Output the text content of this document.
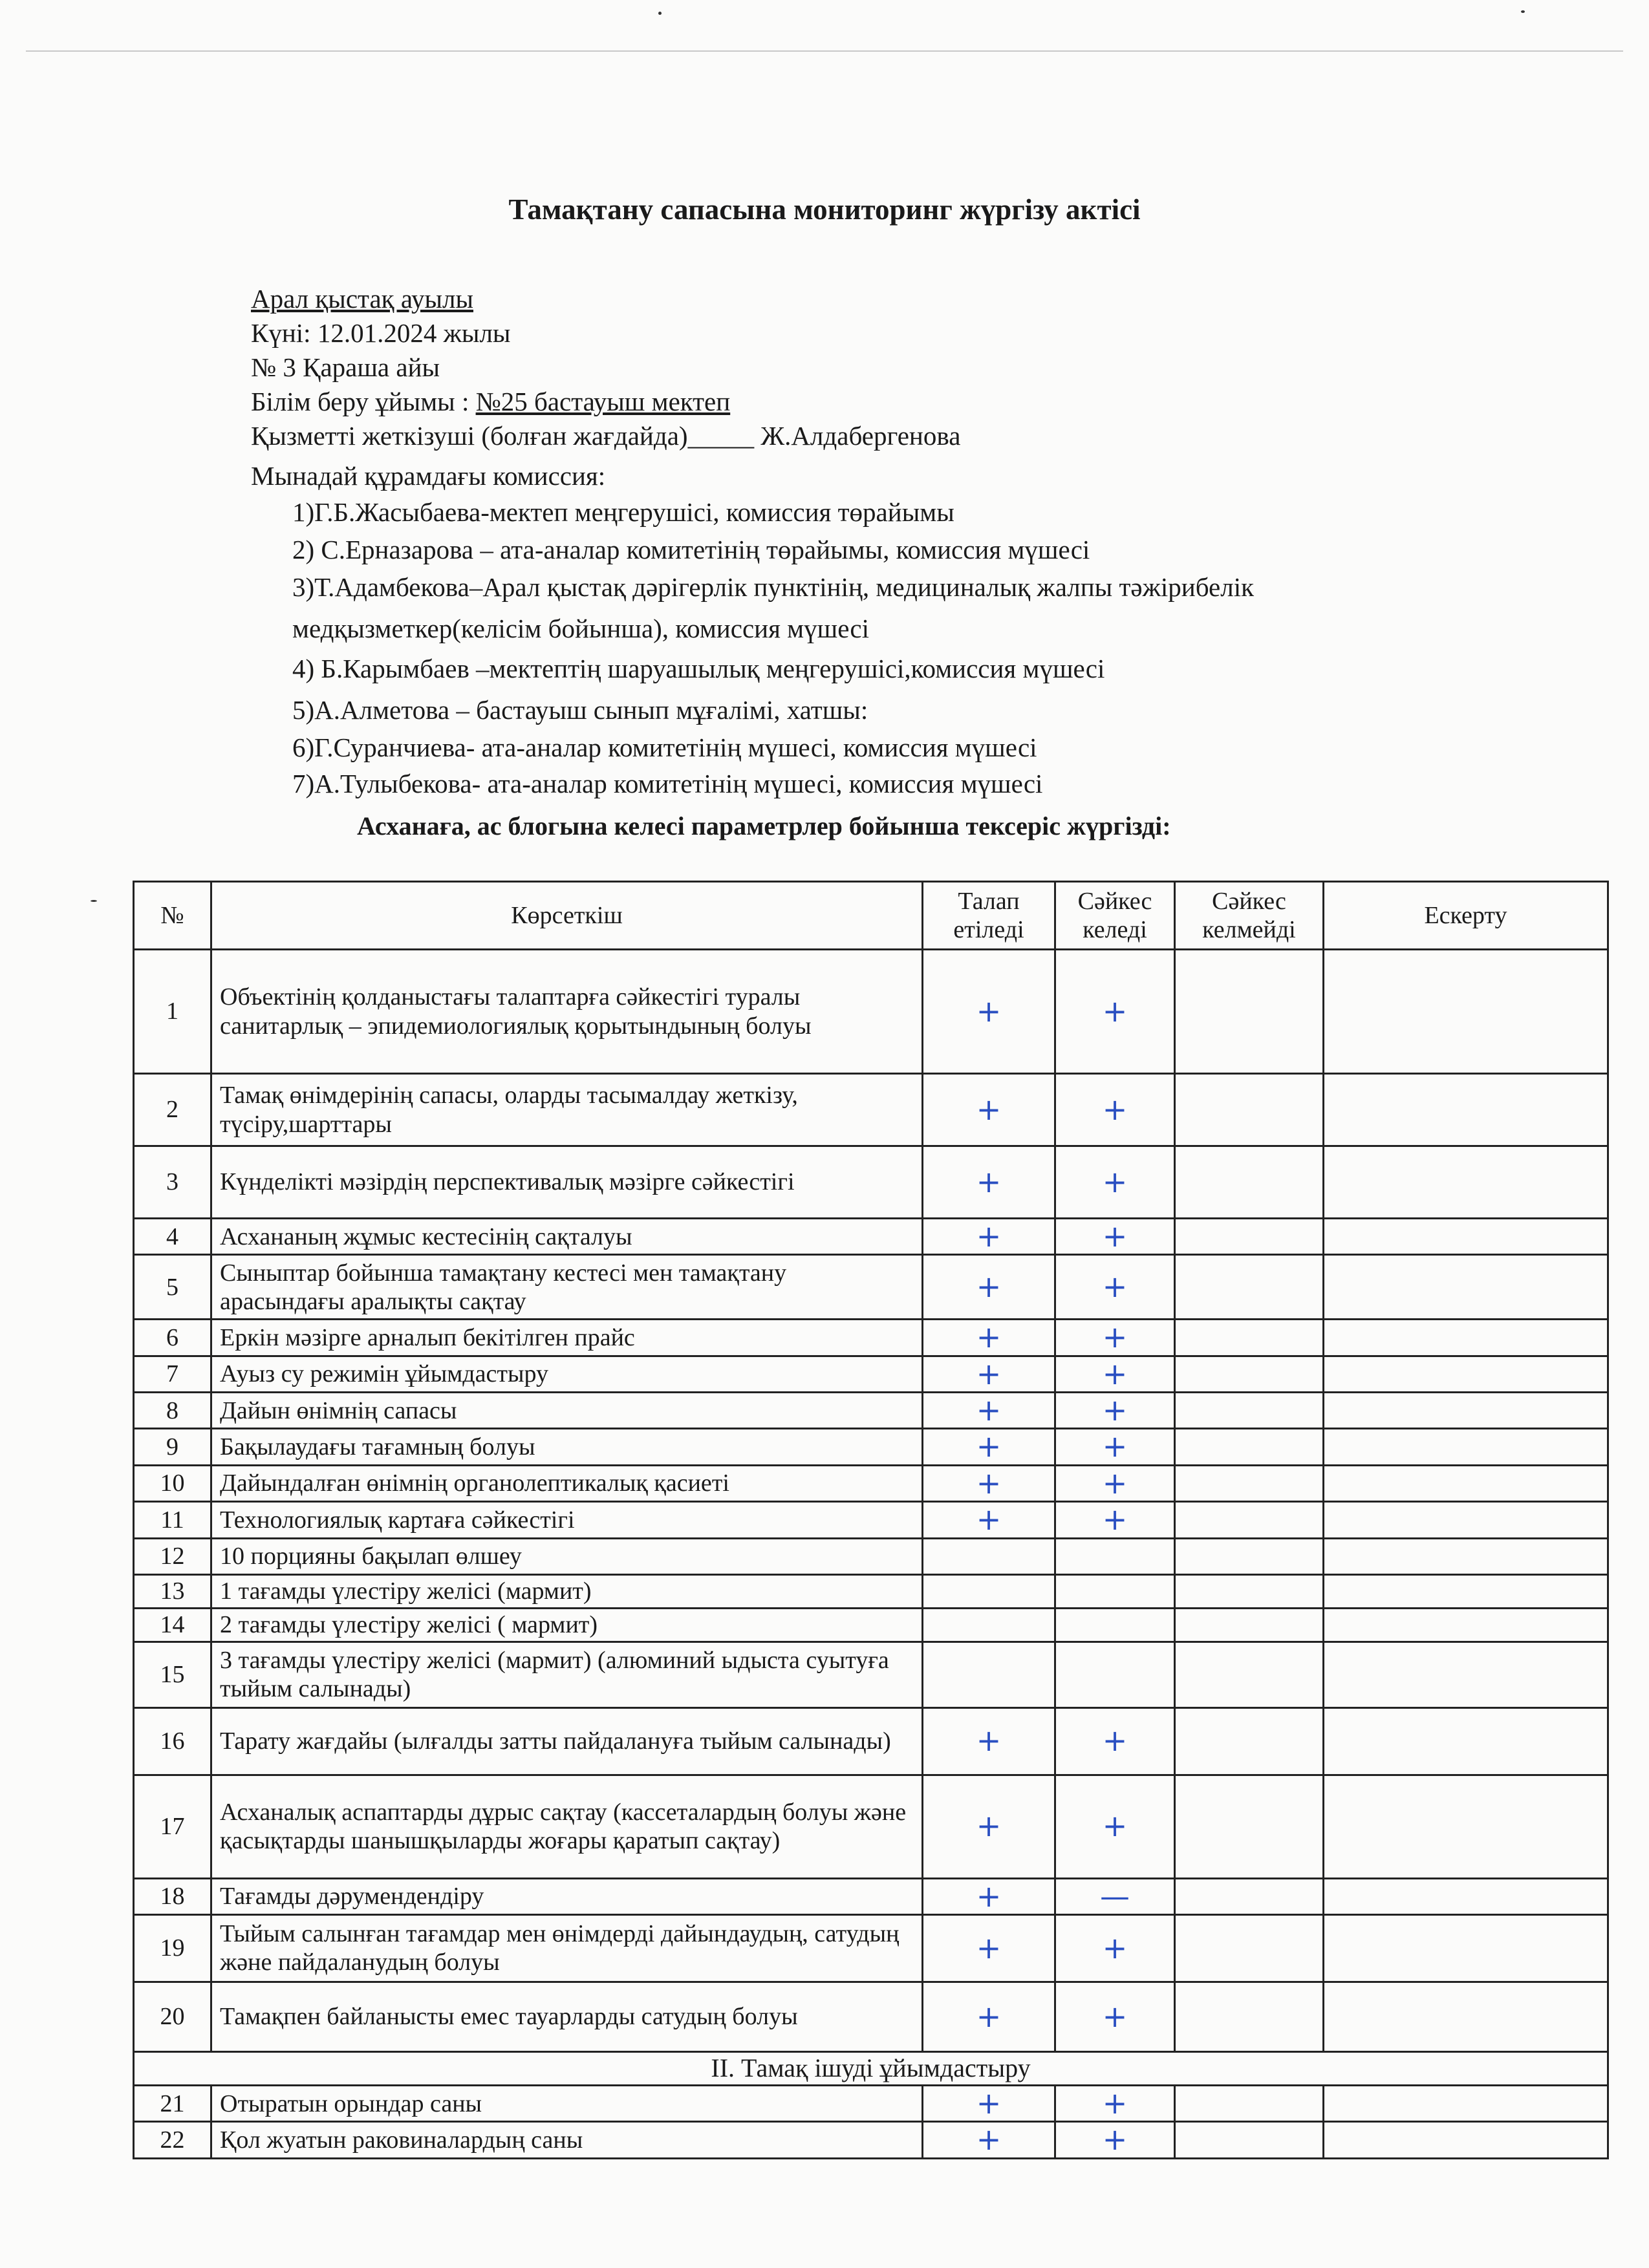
Тамақтану сапасына мониторинг жүргізу актісі
Арал қыстақ ауылы
Күні: 12.01.2024 жылы
№ 3 Қараша айы
Білім беру ұйымы : №25 бастауыш мектеп
Қызметті жеткізуші (болған жағдайда)_____ Ж.Алдабергенова
Мынадай құрамдағы комиссия:
1)Г.Б.Жасыбаева-мектеп меңгерушісі, комиссия төрайымы
2) С.Ерназарова – ата-аналар комитетінің төрайымы, комиссия мүшесі
3)Т.Адамбекова–Арал қыстақ дәрігерлік пунктінің, медициналық жалпы тәжірибелік
медқызметкер(келісім бойынша), комиссия мүшесі
4) Б.Карымбаев –мектептің шаруашылық меңгерушісі,комиссия мүшесі
5)А.Алметова – бастауыш сынып мұғалімі, хатшы:
6)Г.Суранчиева- ата-аналар комитетінің мүшесі, комиссия мүшесі
7)А.Тулыбекова- ата-аналар комитетінің мүшесі, комиссия мүшесі
Асханаға, ас блогына келесі параметрлер бойынша тексеріс жүргізді:
№	Көрсеткіш	Талап етіледі	Сәйкес келеді	Сәйкес келмейді	Ескерту
1	Объектінің қолданыстағы талаптарға сәйкестігі туралы санитарлық – эпидемиологиялық қорытындының болуы	+	+		
2	Тамақ өнімдерінің сапасы, оларды тасымалдау жеткізу, түсіру,шарттары	+	+		
3	Күнделікті мәзірдің перспективалық мәзірге сәйкестігі	+	+		
4	Асхананың жұмыс кестесінің сақталуы	+	+		
5	Сыныптар бойынша тамақтану кестесі мен тамақтану арасындағы аралықты сақтау	+	+		
6	Еркін мәзірге арналып бекітілген прайс	+	+		
7	Ауыз су режимін ұйымдастыру	+	+		
8	Дайын өнімнің сапасы	+	+		
9	Бақылаудағы тағамның болуы	+	+		
10	Дайындалған өнімнің органолептикалық қасиеті	+	+		
11	Технологиялық картаға сәйкестігі	+	+		
12	10 порцияны бақылап өлшеу				
13	1 тағамды үлестіру желісі (мармит)				
14	2 тағамды үлестіру желісі ( мармит)				
15	3 тағамды үлестіру желісі (мармит) (алюминий ыдыста суытуға тыйым салынады)				
16	Тарату жағдайы (ылғалды затты пайдалануға тыйым салынады)	+	+		
17	Асханалық аспаптарды дұрыс сақтау (кассеталардың болуы және қасықтарды шанышқыларды жоғары қаратып сақтау)	+	+		
18	Тағамды дәрумендендіру	+	—		
19	Тыйым салынған тағамдар мен өнімдерді дайындаудың, сатудың және пайдаланудың болуы	+	+		
20	Тамақпен байланысты емес тауарларды сатудың болуы	+	+		
ІІ. Тамақ ішуді ұйымдастыру					
21	Отыратын орындар саны	+	+		
22	Қол жуатын раковиналардың саны	+	+		
